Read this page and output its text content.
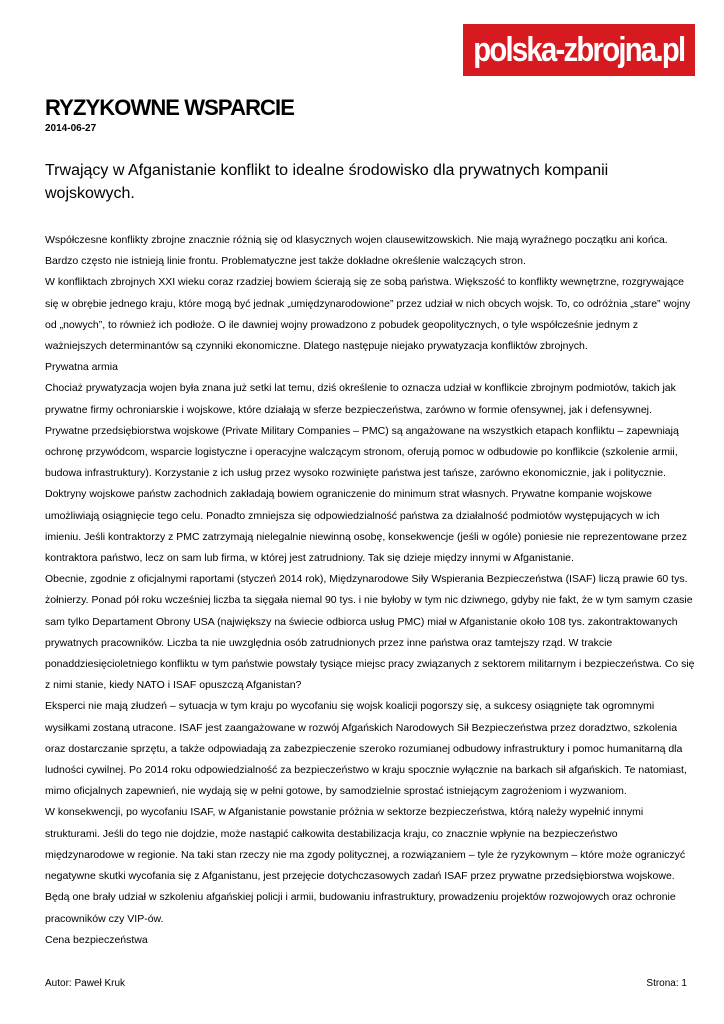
polska-zbrojna.pl
RYZYKOWNE WSPARCIE
2014-06-27
Trwający w Afganistanie konflikt to idealne środowisko dla prywatnych kompanii wojskowych.

Współczesne konflikty zbrojne znacznie różnią się od klasycznych wojen clausewitzowskich. Nie mają wyraźnego początku ani końca. Bardzo często nie istnieją linie frontu. Problematyczne jest także dokładne określenie walczących stron.

W konfliktach zbrojnych XXI wieku coraz rzadziej bowiem ścierają się ze sobą państwa. Większość to konflikty wewnętrzne, rozgrywające się w obrębie jednego kraju, które mogą być jednak „umiędzynarodowione” przez udział w nich obcych wojsk. To, co odróżnia „stare” wojny od „nowych”, to również ich podłoże. O ile dawniej wojny prowadzono z pobudek geopolitycznych, o tyle współcześnie jednym z ważniejszych determinantów są czynniki ekonomiczne. Dlatego następuje niejako prywatyzacja konfliktów zbrojnych.

Prywatna armia

Chociaż prywatyzacja wojen była znana już setki lat temu, dziś określenie to oznacza udział w konflikcie zbrojnym podmiotów, takich jak prywatne firmy ochroniarskie i wojskowe, które działają w sferze bezpieczeństwa, zarówno w formie ofensywnej, jak i defensywnej. Prywatne przedsiębiorstwa wojskowe (Private Military Companies – PMC) są angażowane na wszystkich etapach konfliktu – zapewniają ochronę przywódcom, wsparcie logistyczne i operacyjne walczącym stronom, oferują pomoc w odbudowie po konflikcie (szkolenie armii, budowa infrastruktury). Korzystanie z ich usług przez wysoko rozwinięte państwa jest tańsze, zarówno ekonomicznie, jak i politycznie. Doktryny wojskowe państw zachodnich zakładają bowiem ograniczenie do minimum strat własnych. Prywatne kompanie wojskowe umożliwiają osiągnięcie tego celu. Ponadto zmniejsza się odpowiedzialność państwa za działalność podmiotów występujących w ich imieniu. Jeśli kontraktorzy z PMC zatrzymają nielegalnie niewinną osobę, konsekwencje (jeśli w ogóle) poniesie nie reprezentowane przez kontraktora państwo, lecz on sam lub firma, w której jest zatrudniony. Tak się dzieje między innymi w Afganistanie.

Obecnie, zgodnie z oficjalnymi raportami (styczeń 2014 rok), Międzynarodowe Siły Wspierania Bezpieczeństwa (ISAF) liczą prawie 60 tys. żołnierzy. Ponad pół roku wcześniej liczba ta sięgała niemal 90 tys. i nie byłoby w tym nic dziwnego, gdyby nie fakt, że w tym samym czasie sam tylko Departament Obrony USA (największy na świecie odbiorca usług PMC) miał w Afganistanie około 108 tys. zakontraktowanych prywatnych pracowników. Liczba ta nie uwzględnia osób zatrudnionych przez inne państwa oraz tamtejszy rząd. W trakcie ponaddziesięcioletniego konfliktu w tym państwie powstały tysiące miejsc pracy związanych z sektorem militarnym i bezpieczeństwa. Co się z nimi stanie, kiedy NATO i ISAF opuszczą Afganistan?

Eksperci nie mają złudzeń – sytuacja w tym kraju po wycofaniu się wojsk koalicji pogorszy się, a sukcesy osiągnięte tak ogromnymi wysiłkami zostaną utracone. ISAF jest zaangażowane w rozwój Afgańskich Narodowych Sił Bezpieczeństwa przez doradztwo, szkolenia oraz dostarczanie sprzętu, a także odpowiadają za zabezpieczenie szeroko rozumianej odbudowy infrastruktury i pomoc humanitarną dla ludności cywilnej. Po 2014 roku odpowiedzialność za bezpieczeństwo w kraju spocznie wyłącznie na barkach sił afgańskich. Te natomiast, mimo oficjalnych zapewnień, nie wydają się w pełni gotowe, by samodzielnie sprostać istniejącym zagrożeniom i wyzwaniom.

W konsekwencji, po wycofaniu ISAF, w Afganistanie powstanie próżnia w sektorze bezpieczeństwa, którą należy wypełnić innymi strukturami. Jeśli do tego nie dojdzie, może nastąpić całkowita destabilizacja kraju, co znacznie wpłynie na bezpieczeństwo międzynarodowe w regionie. Na taki stan rzeczy nie ma zgody politycznej, a rozwiązaniem – tyle że ryzykownym – które może ograniczyć negatywne skutki wycofania się z Afganistanu, jest przejęcie dotychczasowych zadań ISAF przez prywatne przedsiębiorstwa wojskowe. Będą one brały udział w szkoleniu afgańskiej policji i armii, budowaniu infrastruktury, prowadzeniu projektów rozwojowych oraz ochronie pracowników czy VIP-ów.

Cena bezpieczeństwa

Autor: Paweł Kruk	Strona: 1
